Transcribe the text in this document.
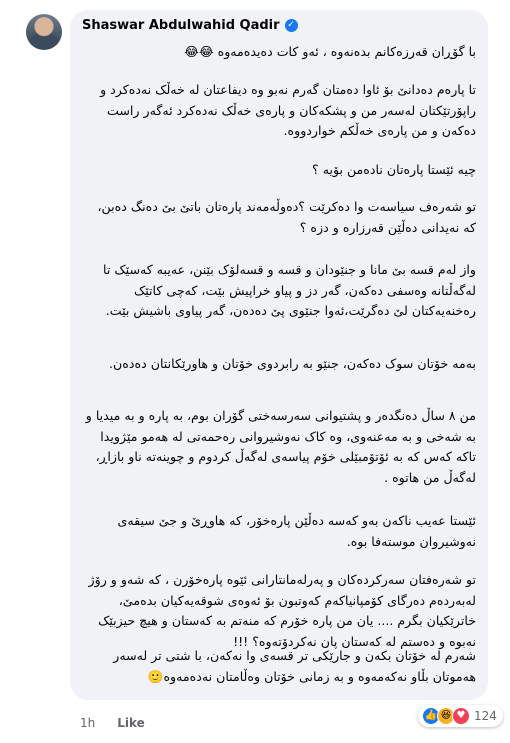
Shaswar Abdulwahid Qadir ✓
با گۆڕان قەرزەکانم بدەنەوە ، ئەو کات دەیدەمەوە 😂😂
تا پارەم دەدانێ بۆ ئاوا دەمتان گەرم نەبو وە دیفاعتان لە خەڵک نەدەکرد و راپۆرتێکتان لەسەر من و پشکەکان و پارەی خەڵک نەدەکرد ئەگەر راست دەکەن و من پارەی خەڵکم خواردووە.
چیە ئێستا پارەتان نادەمن بۆیە ؟
تو شەرەف سیاسەت وا دەکرێت ؟دەوڵەمەند پارەتان باتێ بێ دەنگ دەبن، کە نەیدانی دەڵێن قەرزارە و دزە ؟
واز لەم قسە بێ مانا و جنێودان و قسە و قسەلۆک بێنن، عەیبە کەسێک تا لەگەڵتانە وەسفی دەکەن، گەر دز و پیاو خراپیش بێت، کەچی کاتێک رەخنەیەکتان لێ دەگرێت،ئەوا جنێوی پێ دەدەن، گەر پیاوی باشیش بێت.
بەمە خۆتان سوک دەکەن، جنێو بە رابردوی خۆتان و هاورێکانتان دەدەن.
من ٨ ساڵ دەنگدەر و پشتیوانی سەرسەختی گۆران بوم، بە پارە و بە میدیا و بە شەخی و بە مەعنەوی، وە کاک نەوشیروانی رەحمەتی لە هەمو مێژویدا تاکە کەس کە بە ئۆتۆمبێلی خۆم پیاسەی لەگەڵ کردوم و چوینەتە ناو بازاڕ، لەگەڵ من هاتوە .
ئێستا عەیب ناکەن بەو کەسە دەڵێن پارەخۆر، کە هاوڕێ و جێ سیقەی نەوشیروان موستەفا بوە.
تو شەرەفتان سەرکردەکان و پەرلەمانتارانی ئێوە پارەخۆرن ، کە شەو و رۆژ لەبەردەم دەرگای کۆمپانیاکەم کەوتبون بۆ ئەوەی شوقەیەکیان بدەمێ، خاترێکیان بگرم .... یان من پارە خۆرم کە منەتم بە کەستان و هیچ حیزبێک نەبوە و دەستم لە کەستان پان نەکردۆتەوە؟ !!!
شەرم لە خۆتان بکەن و جارێکی تر قسەی وا نەکەن، با شتی تر لەسەر هەموتان بڵاو نەکەمەوە و بە زمانی خۆتان وەڵامتان نەدەمەوە🙂
1h Like
👍 😆 ♥ 124
